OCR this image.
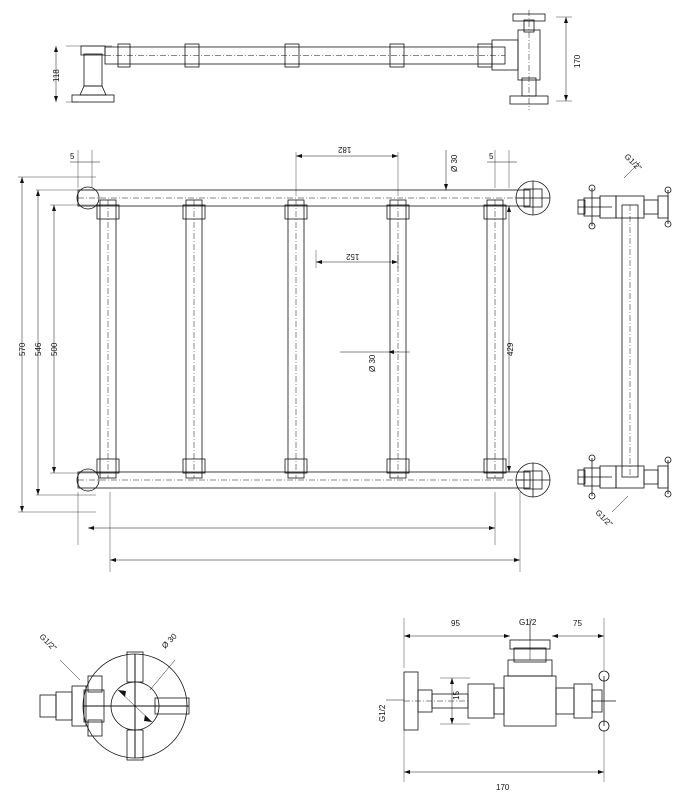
118
170
570 546 500	429
182
152
Ø 30
Ø 30
5	5	G1/2"
G1/2"
G1/2"	Ø 30
95	75
G1/2
170
15
G1/2
